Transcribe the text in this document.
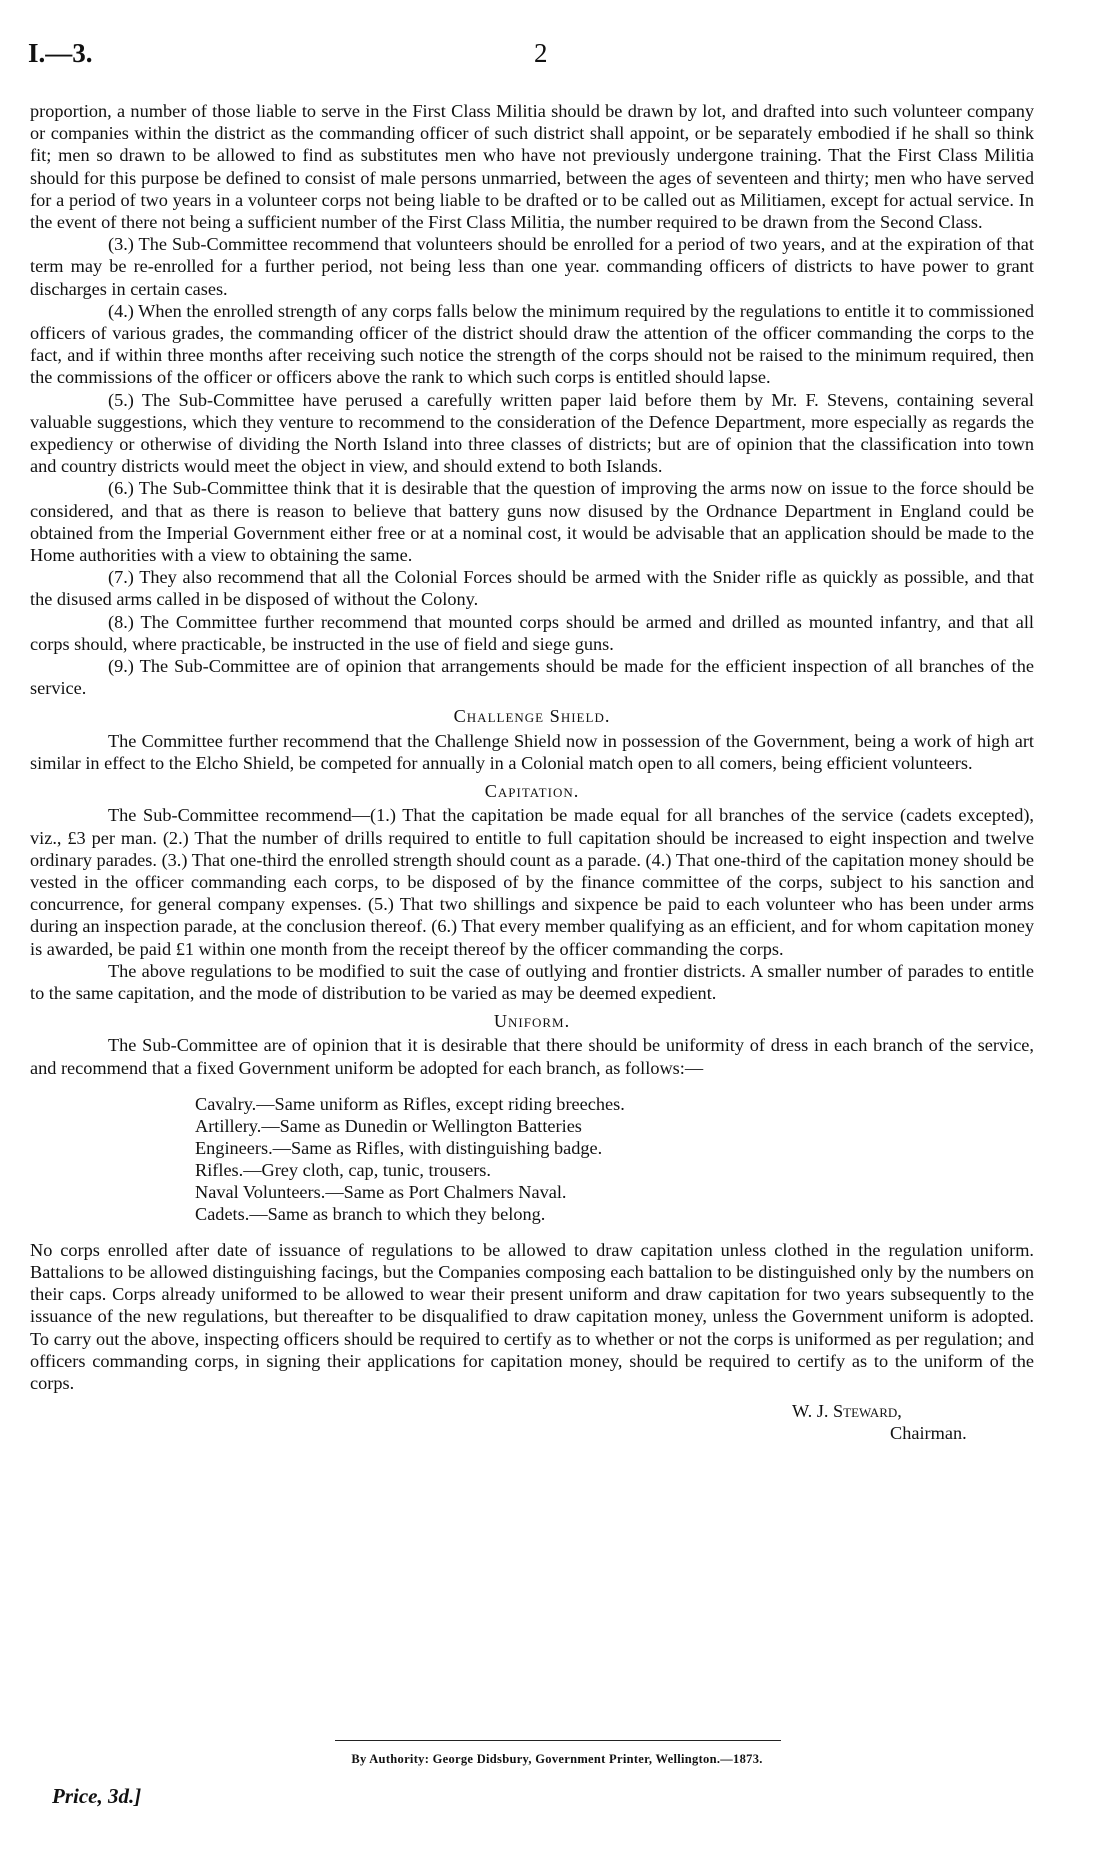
I.—3.	2

proportion, a number of those liable to serve in the First Class Militia should be drawn by lot, and drafted into such volunteer company or companies within the district as the commanding officer of such district shall appoint, or be separately embodied if he shall so think fit; men so drawn to be allowed to find as substitutes men who have not previously undergone training. That the First Class Militia should for this purpose be defined to consist of male persons unmarried, between the ages of seventeen and thirty; men who have served for a period of two years in a volunteer corps not being liable to be drafted or to be called out as Militiamen, except for actual service. In the event of there not being a sufficient number of the First Class Militia, the number required to be drawn from the Second Class.

(3.) The Sub-Committee recommend that volunteers should be enrolled for a period of two years, and at the expiration of that term may be re-enrolled for a further period, not being less than one year. commanding officers of districts to have power to grant discharges in certain cases.

(4.) When the enrolled strength of any corps falls below the minimum required by the regulations to entitle it to commissioned officers of various grades, the commanding officer of the district should draw the attention of the officer commanding the corps to the fact, and if within three months after receiving such notice the strength of the corps should not be raised to the minimum required, then the commissions of the officer or officers above the rank to which such corps is entitled should lapse.

(5.) The Sub-Committee have perused a carefully written paper laid before them by Mr. F. Stevens, containing several valuable suggestions, which they venture to recommend to the consideration of the Defence Department, more especially as regards the expediency or otherwise of dividing the North Island into three classes of districts; but are of opinion that the classification into town and country districts would meet the object in view, and should extend to both Islands.

(6.) The Sub-Committee think that it is desirable that the question of improving the arms now on issue to the force should be considered, and that as there is reason to believe that battery guns now disused by the Ordnance Department in England could be obtained from the Imperial Government either free or at a nominal cost, it would be advisable that an application should be made to the Home authorities with a view to obtaining the same.

(7.) They also recommend that all the Colonial Forces should be armed with the Snider rifle as quickly as possible, and that the disused arms called in be disposed of without the Colony.

(8.) The Committee further recommend that mounted corps should be armed and drilled as mounted infantry, and that all corps should, where practicable, be instructed in the use of field and siege guns.

(9.) The Sub-Committee are of opinion that arrangements should be made for the efficient inspection of all branches of the service.

Challenge Shield.

The Committee further recommend that the Challenge Shield now in possession of the Government, being a work of high art similar in effect to the Elcho Shield, be competed for annually in a Colonial match open to all comers, being efficient volunteers.

Capitation.

The Sub-Committee recommend—(1.) That the capitation be made equal for all branches of the service (cadets excepted), viz., £3 per man. (2.) That the number of drills required to entitle to full capitation should be increased to eight inspection and twelve ordinary parades. (3.) That one-third the enrolled strength should count as a parade. (4.) That one-third of the capitation money should be vested in the officer commanding each corps, to be disposed of by the finance committee of the corps, subject to his sanction and concurrence, for general company expenses. (5.) That two shillings and sixpence be paid to each volunteer who has been under arms during an inspection parade, at the conclusion thereof. (6.) That every member qualifying as an efficient, and for whom capitation money is awarded, be paid £1 within one month from the receipt thereof by the officer commanding the corps.

The above regulations to be modified to suit the case of outlying and frontier districts. A smaller number of parades to entitle to the same capitation, and the mode of distribution to be varied as may be deemed expedient.

Uniform.

The Sub-Committee are of opinion that it is desirable that there should be uniformity of dress in each branch of the service, and recommend that a fixed Government uniform be adopted for each branch, as follows:—

Cavalry.—Same uniform as Rifles, except riding breeches.
Artillery.—Same as Dunedin or Wellington Batteries
Engineers.—Same as Rifles, with distinguishing badge.
Rifles.—Grey cloth, cap, tunic, trousers.
Naval Volunteers.—Same as Port Chalmers Naval.
Cadets.—Same as branch to which they belong.

No corps enrolled after date of issuance of regulations to be allowed to draw capitation unless clothed in the regulation uniform. Battalions to be allowed distinguishing facings, but the Companies composing each battalion to be distinguished only by the numbers on their caps. Corps already uniformed to be allowed to wear their present uniform and draw capitation for two years subsequently to the issuance of the new regulations, but thereafter to be disqualified to draw capitation money, unless the Government uniform is adopted. To carry out the above, inspecting officers should be required to certify as to whether or not the corps is uniformed as per regulation; and officers commanding corps, in signing their applications for capitation money, should be required to certify as to the uniform of the corps.

W. J. Steward,
Chairman.
By Authority: George Didsbury, Government Printer, Wellington.—1873.
Price, 3d.]
